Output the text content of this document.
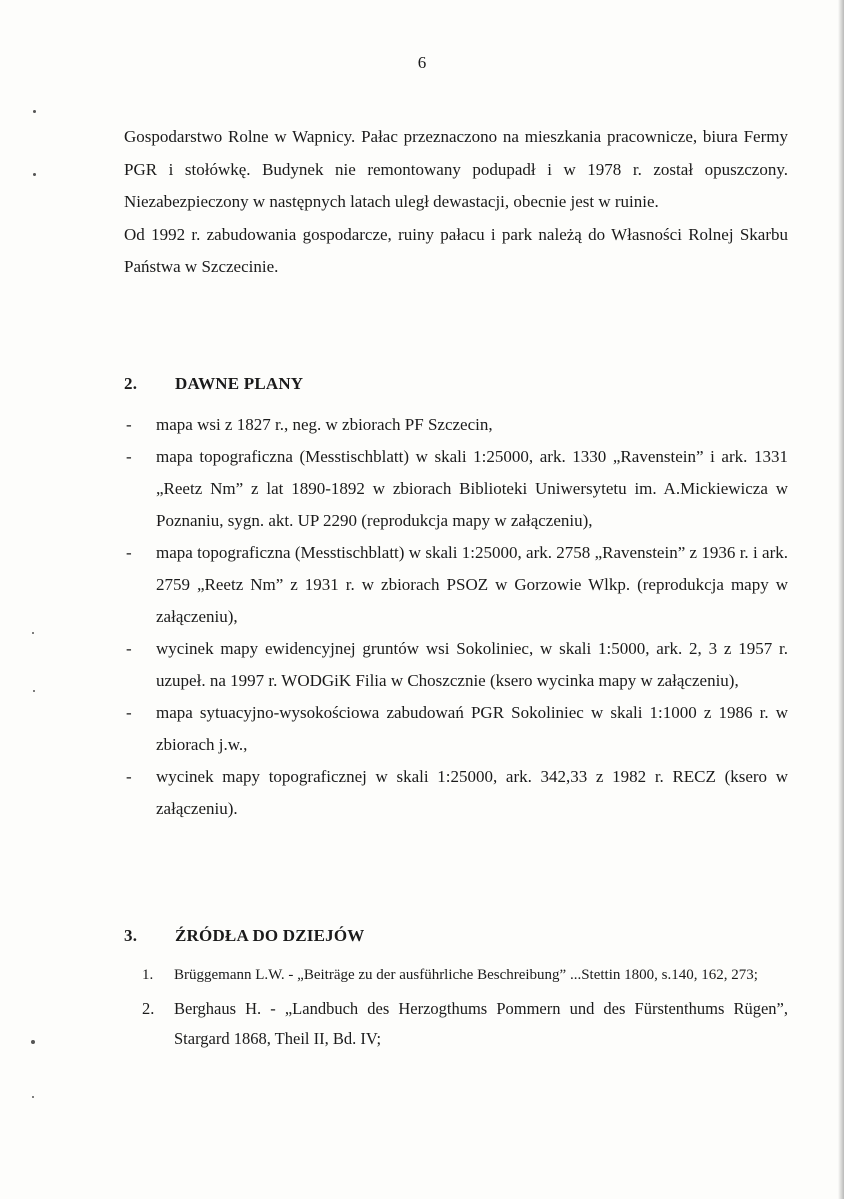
6

Gospodarstwo Rolne w Wapnicy. Pałac przeznaczono na mieszkania pracownicze, biura Fermy PGR i stołówkę. Budynek nie remontowany podupadł i w 1978 r. został opuszczony. Niezabezpieczony w następnych latach uległ dewastacji, obecnie jest w ruinie.

Od 1992 r. zabudowania gospodarcze, ruiny pałacu i park należą do Własności Rolnej Skarbu Państwa w Szczecinie.

2. DAWNE PLANY
- mapa wsi z 1827 r., neg. w zbiorach PF Szczecin,
- mapa topograficzna (Messtischblatt) w skali 1:25000, ark. 1330 „Ravenstein” i ark. 1331 „Reetz Nm” z lat 1890-1892 w zbiorach Biblioteki Uniwersytetu im. A.Mickiewicza w Poznaniu, sygn. akt. UP 2290 (reprodukcja mapy w załączeniu),
- mapa topograficzna (Messtischblatt) w skali 1:25000, ark. 2758 „Ravenstein” z 1936 r. i ark. 2759 „Reetz Nm” z 1931 r. w zbiorach PSOZ w Gorzowie Wlkp. (reprodukcja mapy w załączeniu),
- wycinek mapy ewidencyjnej gruntów wsi Sokoliniec, w skali 1:5000, ark. 2, 3 z 1957 r. uzupeł. na 1997 r. WODGiK Filia w Choszcznie (ksero wycinka mapy w załączeniu),
- mapa sytuacyjno-wysokościowa zabudowań PGR Sokoliniec w skali 1:1000 z 1986 r. w zbiorach j.w.,
- wycinek mapy topograficznej w skali 1:25000, ark. 342,33 z 1982 r. RECZ (ksero w załączeniu).
3. ŹRÓDŁA DO DZIEJÓW
1. Brüggemann L.W. - „Beiträge zu der ausführliche Beschreibung” ...Stettin 1800, s.140, 162, 273;
2. Berghaus H. - „Landbuch des Herzogthums Pommern und des Fürstenthums Rügen”, Stargard 1868, Theil II, Bd. IV;
